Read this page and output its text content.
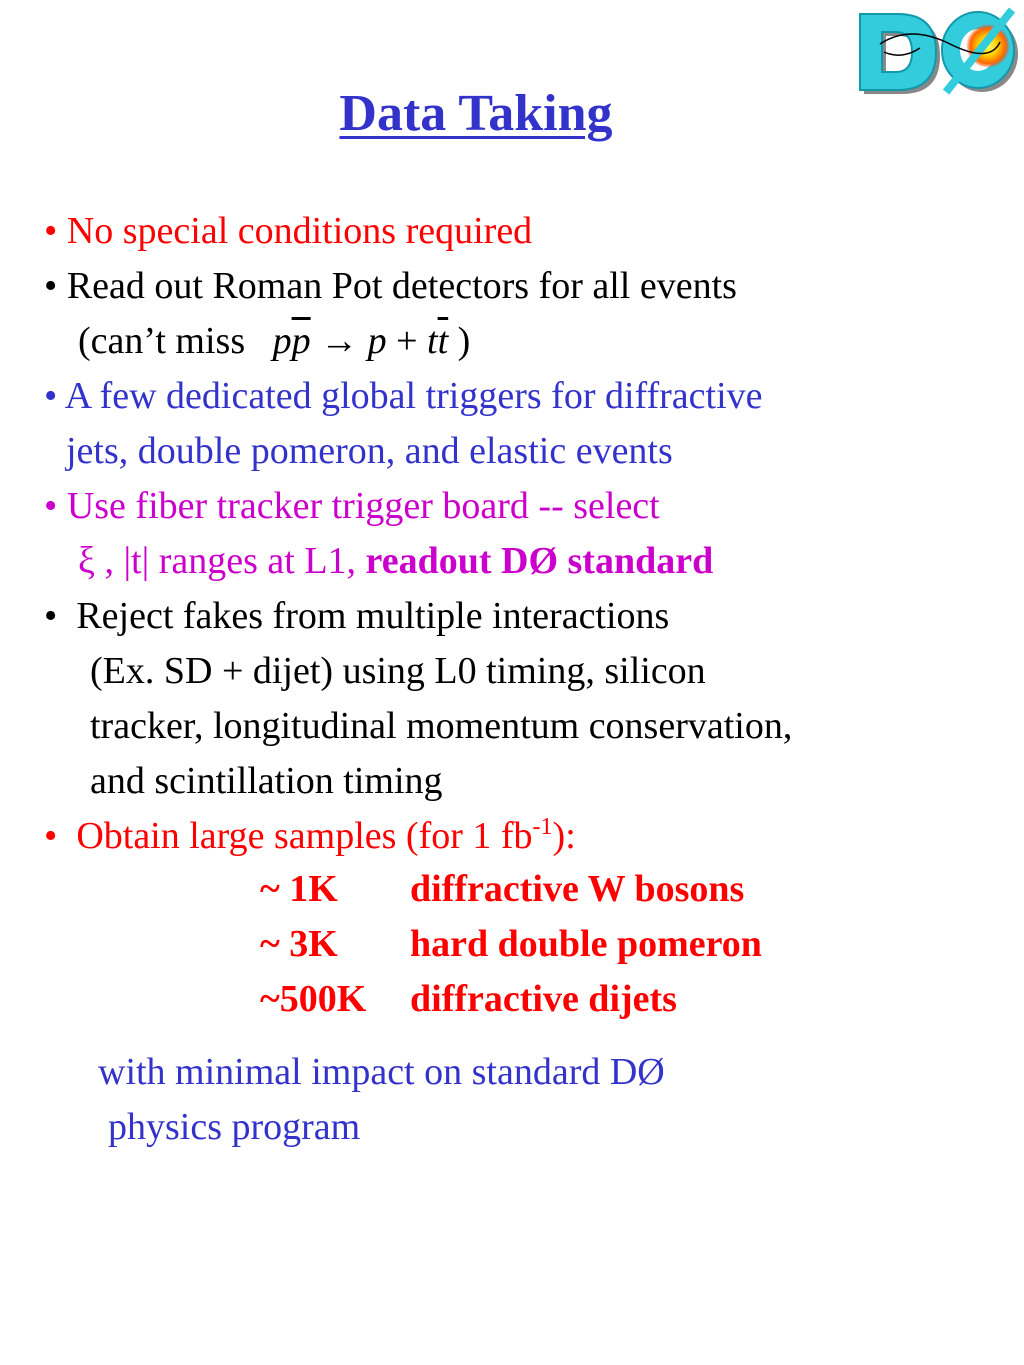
Data Taking
• No special conditions required
• Read out Roman Pot detectors for all events
(can’t miss $p\overline{p} \to p + t\overline{t}$ )
• A few dedicated global triggers for diffractive
jets, double pomeron, and elastic events
• Use fiber tracker trigger board -- select
ξ , |t| ranges at L1, readout DØ standard
•  Reject fakes from multiple interactions
(Ex. SD + dijet) using L0 timing, silicon
tracker, longitudinal momentum conservation,
and scintillation timing
•  Obtain large samples (for 1 $fb^{-1}$):
~ 1K diffractive W bosons
~ 3K hard double pomeron
~500K diffractive dijets
with minimal impact on standard DØ
physics program
